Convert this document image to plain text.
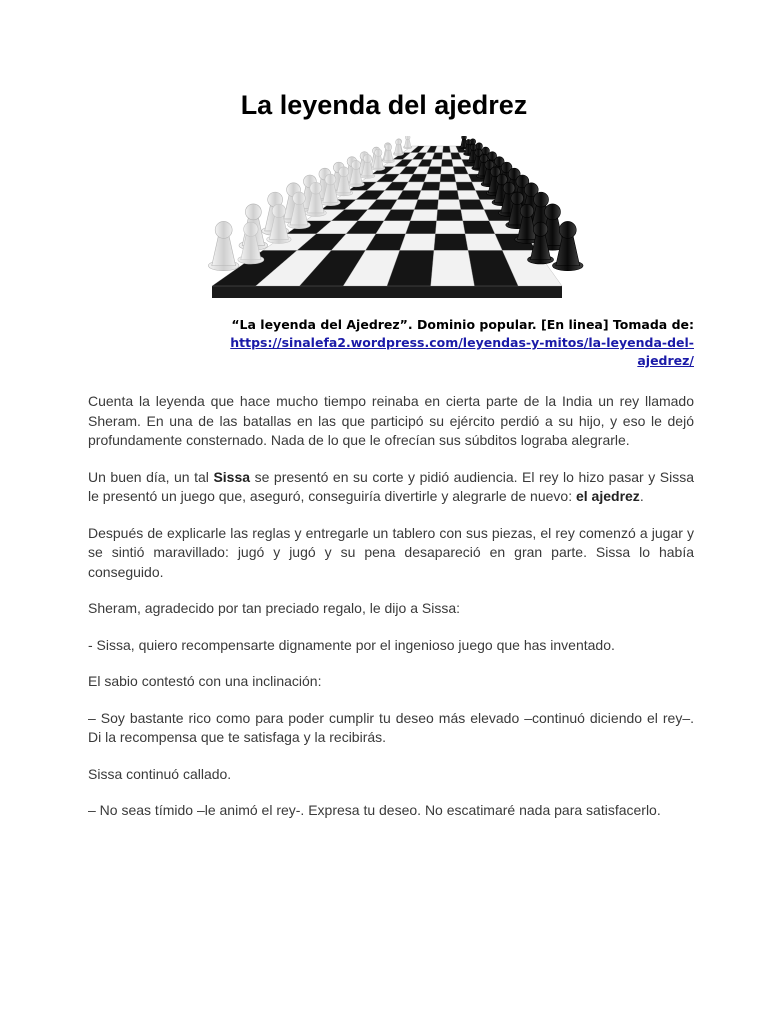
La leyenda del ajedrez
“La leyenda del Ajedrez”. Dominio popular. [En linea] Tomada de:
https://sinalefa2.wordpress.com/leyendas-y-mitos/la-leyenda-del-ajedrez/

Cuenta la leyenda que hace mucho tiempo reinaba en cierta parte de la India un rey llamado Sheram. En una de las batallas en las que participó su ejército perdió a su hijo, y eso le dejó profundamente consternado. Nada de lo que le ofrecían sus súbditos lograba alegrarle.

Un buen día, un tal Sissa se presentó en su corte y pidió audiencia. El rey lo hizo pasar y Sissa le presentó un juego que, aseguró, conseguiría divertirle y alegrarle de nuevo: el ajedrez.

Después de explicarle las reglas y entregarle un tablero con sus piezas, el rey comenzó a jugar y se sintió maravillado: jugó y jugó y su pena desapareció en gran parte. Sissa lo había conseguido.

Sheram, agradecido por tan preciado regalo, le dijo a Sissa:

- Sissa, quiero recompensarte dignamente por el ingenioso juego que has inventado.

El sabio contestó con una inclinación:

– Soy bastante rico como para poder cumplir tu deseo más elevado –continuó diciendo el rey–. Di la recompensa que te satisfaga y la recibirás.

Sissa continuó callado.

– No seas tímido –le animó el rey-. Expresa tu deseo. No escatimaré nada para satisfacerlo.
